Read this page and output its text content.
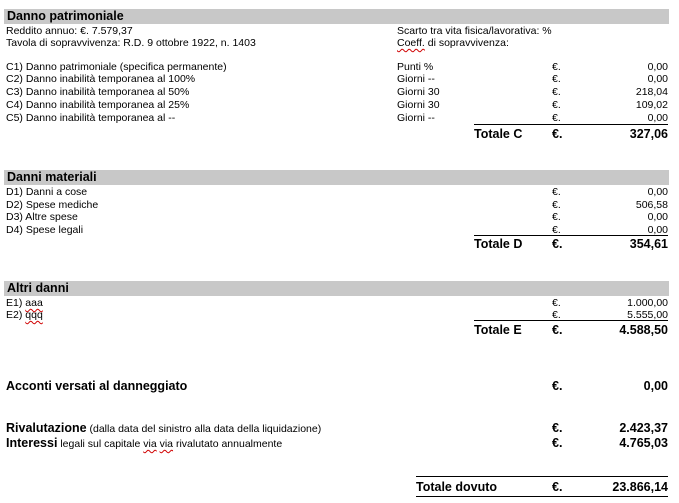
Danno patrimoniale
Reddito annuo: €. 7.579,37	Scarto tra vita fisica/lavorativa: %
Tavola di sopravvivenza: R.D. 9 ottobre 1922, n. 1403	Coeff. di sopravvivenza:
C1) Danno patrimoniale (specifica permanente)	Punti %	€.	0,00
C2) Danno inabilità temporanea al 100%	Giorni --	€.	0,00
C3) Danno inabilità temporanea al 50%	Giorni 30	€.	218,04
C4) Danno inabilità temporanea al 25%	Giorni 30	€.	109,02
C5) Danno inabilità temporanea al --	Giorni --	€.	0,00
Totale C €.	327,06
Danni materiali
D1) Danni a cose	€.	0,00
D2) Spese mediche	€.	506,58
D3) Altre spese	€.	0,00
D4) Spese legali	€.	0,00
Totale D €.	354,61
Altri danni
E1) aaa	€.	1.000,00
E2) qqq	€.	5.555,00
Totale E €.	4.588,50
Acconti versati al danneggiato	€.	0,00
Rivalutazione (dalla data del sinistro alla data della liquidazione)	€.	2.423,37
Interessi legali sul capitale via via rivalutato annualmente	€.	4.765,03
Totale dovuto	€.	23.866,14
